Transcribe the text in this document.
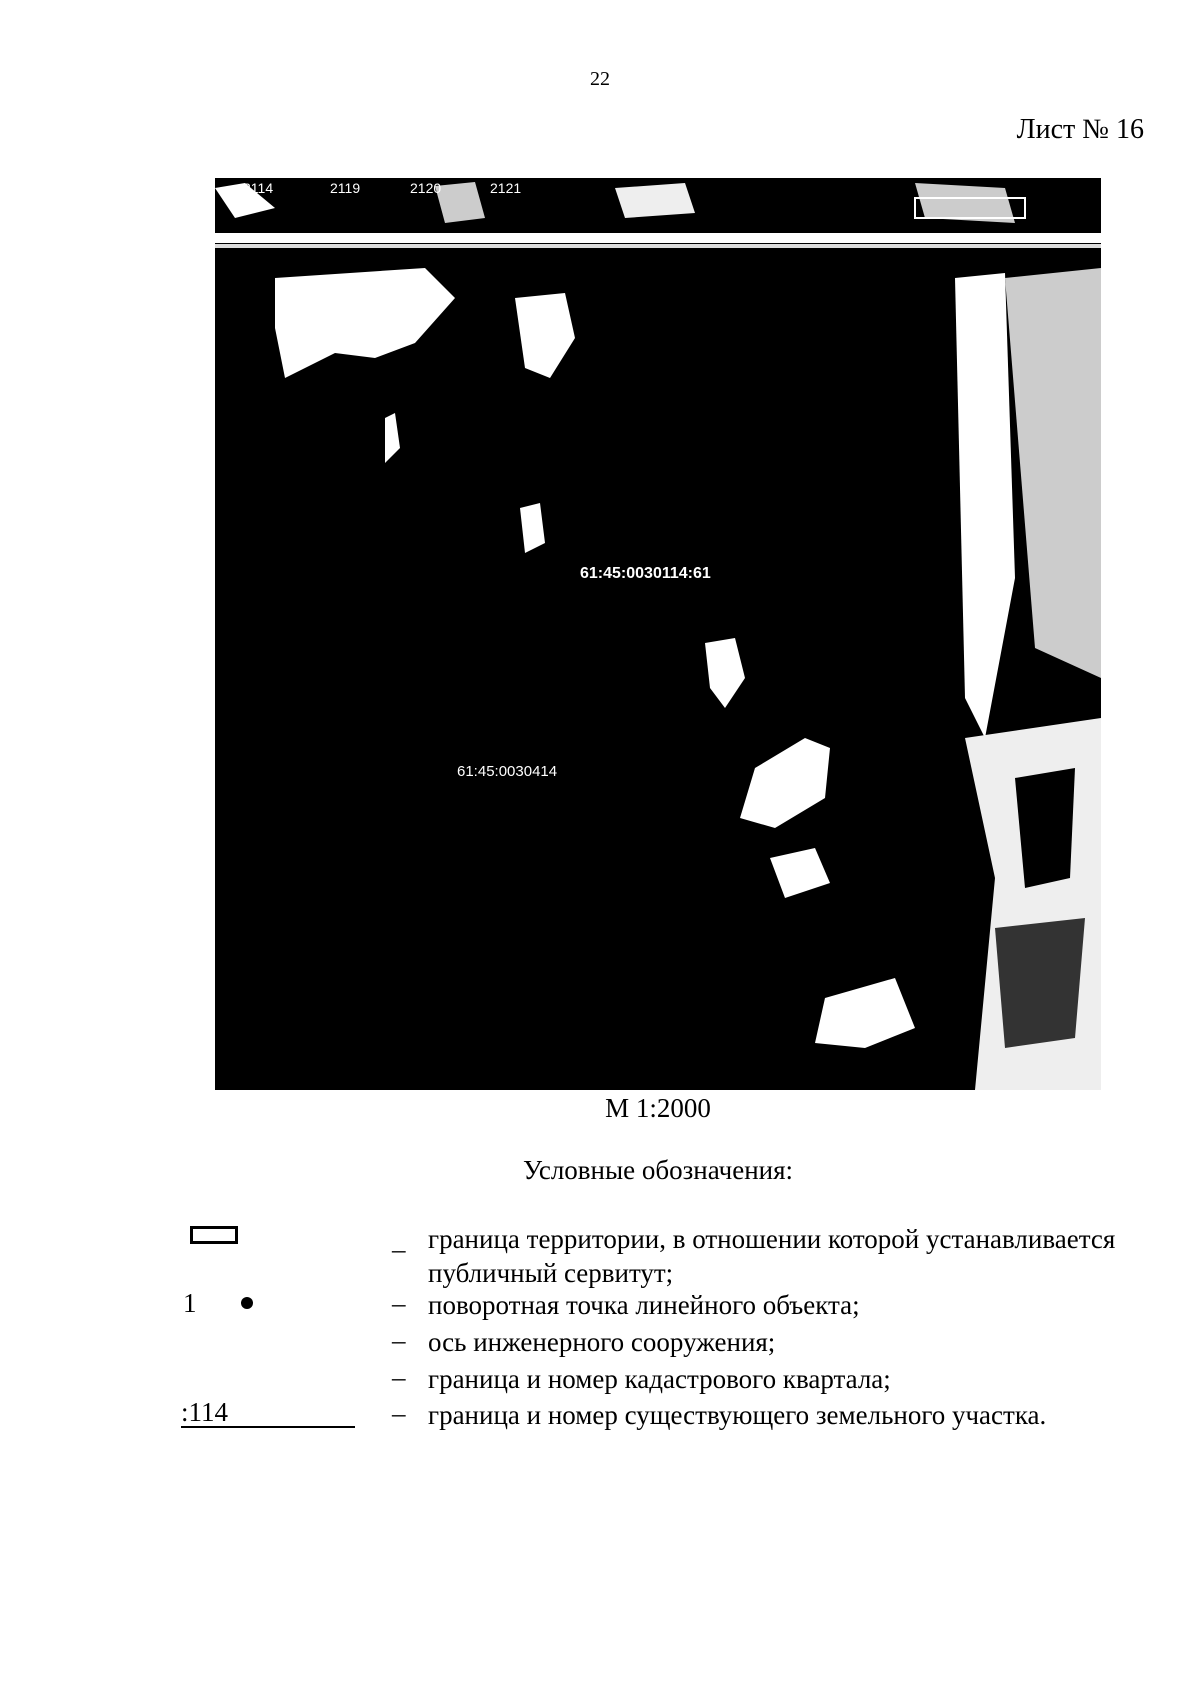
22
Лист № 16
2114	2119	2120	2121
61:45:0030114:61
61:45:0030414
М 1:2000
Условные обозначения:
– граница территории, в отношении которой устанавливается публичный сервитут;
1	– поворотная точка линейного объекта;
– ось инженерного сооружения;
– граница и номер кадастрового квартала;
:114	– граница и номер существующего земельного участка.
